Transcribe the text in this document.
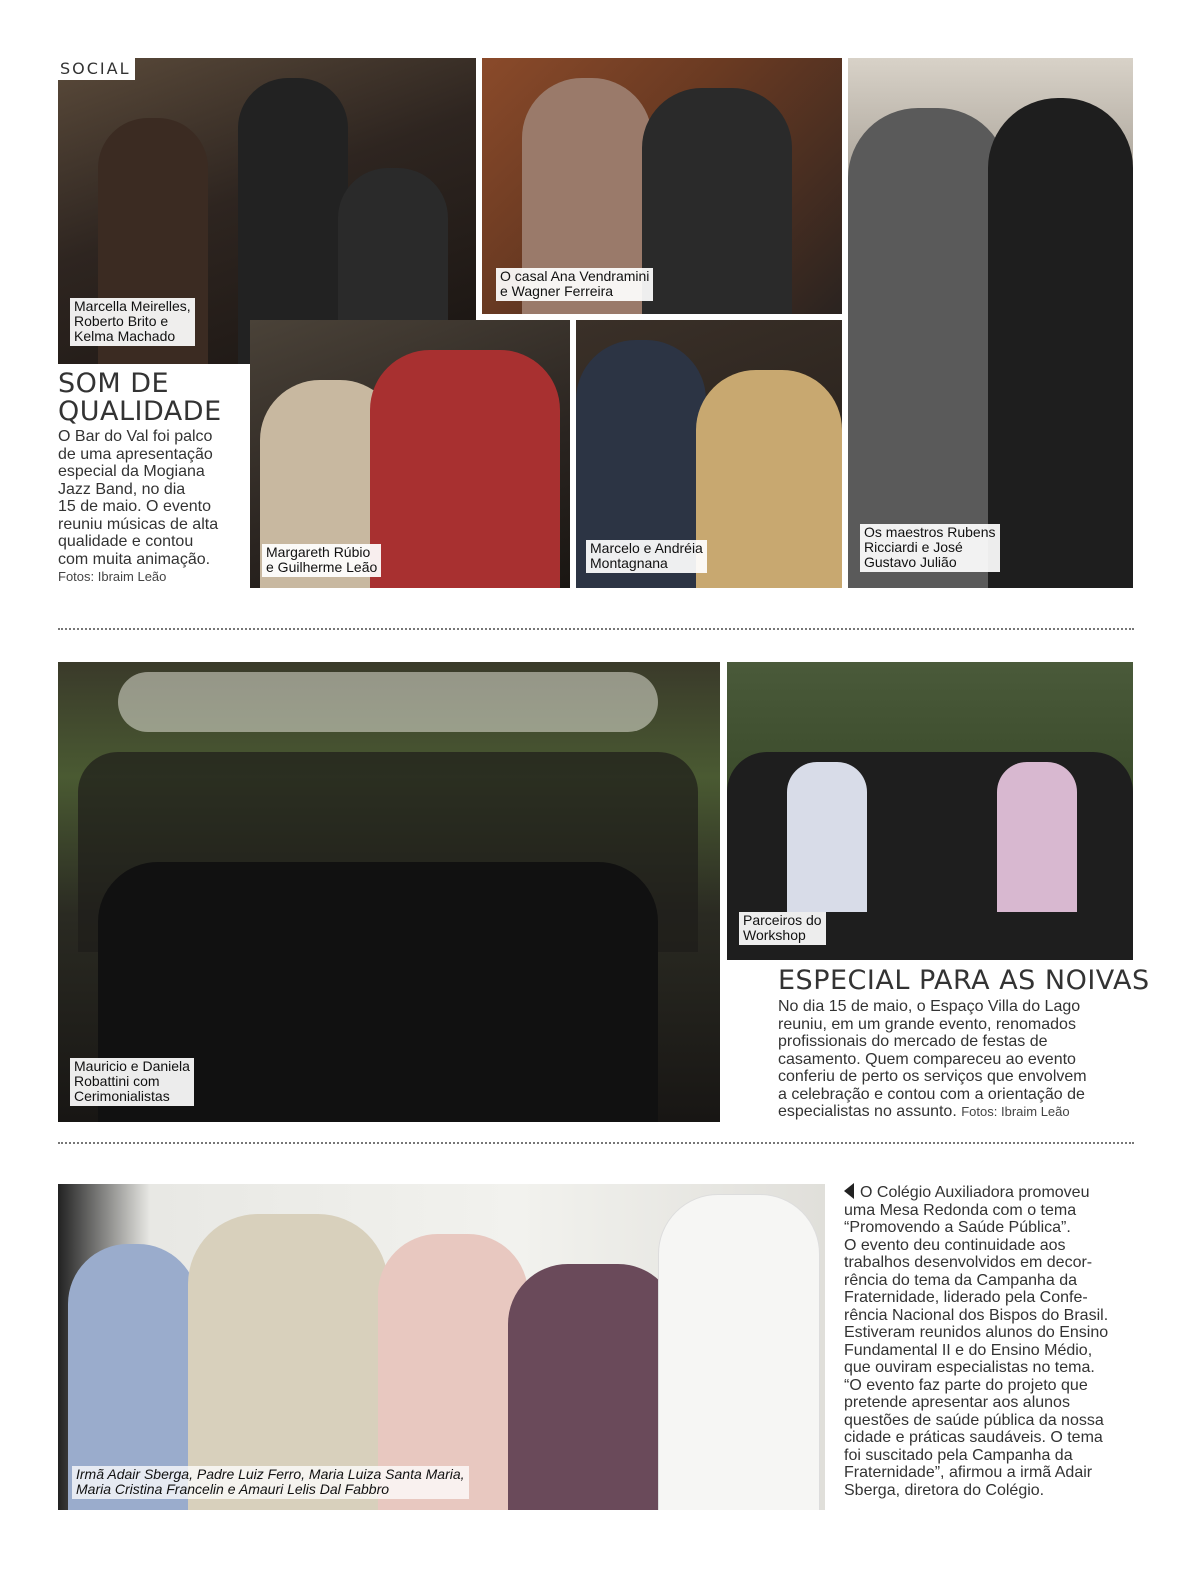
Marcella Meirelles,
Roberto Brito e
Kelma Machado
SOCIAL
O casal Ana Vendramini
e Wagner Ferreira
Os maestros Rubens
Ricciardi e José
Gustavo Julião
Margareth Rúbio
e Guilherme Leão
Marcelo e Andréia
Montagnana
SOM DE
QUALIDADE
O Bar do Val foi palco
de uma apresentação
especial da Mogiana
Jazz Band, no dia
15 de maio. O evento
reuniu músicas de alta
qualidade e contou
com muita animação.
Fotos: Ibraim Leão
Mauricio e Daniela
Robattini com
Cerimonialistas
Parceiros do
Workshop
ESPECIAL PARA AS NOIVAS
No dia 15 de maio, o Espaço Villa do Lago
reuniu, em um grande evento, renomados
profissionais do mercado de festas de
casamento. Quem compareceu ao evento
conferiu de perto os serviços que envolvem
a celebração e contou com a orientação de
especialistas no assunto. Fotos: Ibraim Leão
Irmã Adair Sberga, Padre Luiz Ferro, Maria Luiza Santa Maria,
Maria Cristina Francelin e Amauri Lelis Dal Fabbro
O Colégio Auxiliadora promoveu
uma Mesa Redonda com o tema
“Promovendo a Saúde Pública”.
O evento deu continuidade aos
trabalhos desenvolvidos em decor-
rência do tema da Campanha da
Fraternidade, liderado pela Confe-
rência Nacional dos Bispos do Brasil.
Estiveram reunidos alunos do Ensino
Fundamental II e do Ensino Médio,
que ouviram especialistas no tema.
“O evento faz parte do projeto que
pretende apresentar aos alunos
questões de saúde pública da nossa
cidade e práticas saudáveis. O tema
foi suscitado pela Campanha da
Fraternidade”, afirmou a irmã Adair
Sberga, diretora do Colégio.
